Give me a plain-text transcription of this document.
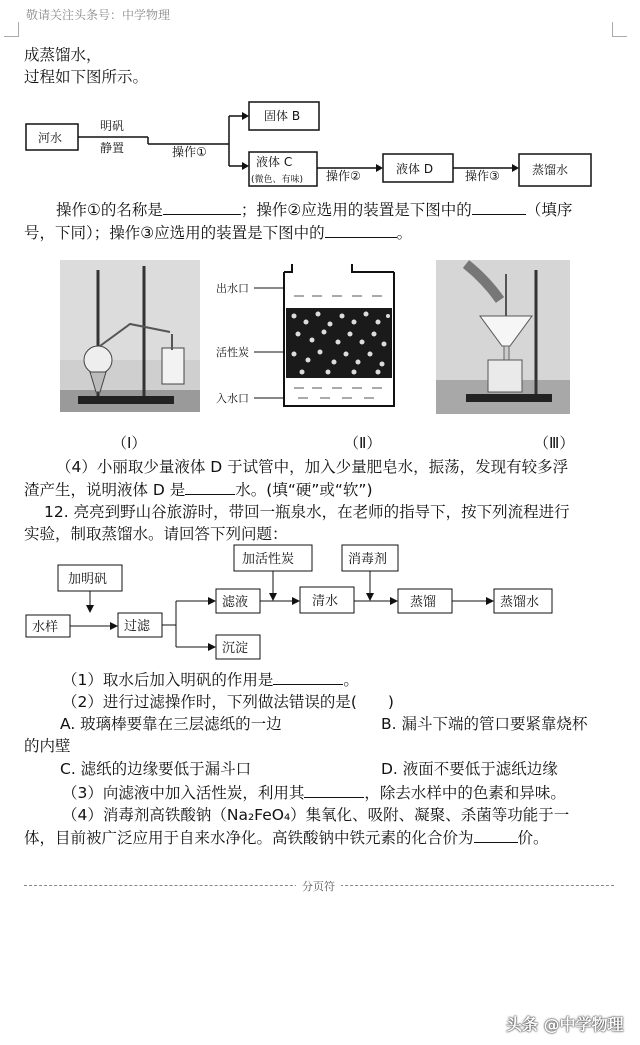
敬请关注头条号：中学物理
成蒸馏水，
过程如下图所示。
河水
明矾
静置	操作①
固体 B
液体 C
(微色、有味) 操作②	液体 D	操作③	蒸馏水
操作①的名称是	；操作②应选用的装置是下图中的	（填序
号，下同）；操作③应选用的装置是下图中的	。
出水口
活性炭
入水口
（Ⅰ）	（Ⅱ）	（Ⅲ）
（4）小丽取少量液体 D 于试管中，加入少量肥皂水，振荡，发现有较多浮
渣产生，说明液体 D 是	水。(填“硬”或“软”)
12. 亮亮到野山谷旅游时，带回一瓶泉水，在老师的指导下，按下列流程进行
实验，制取蒸馏水。请回答下列问题：
加明矾
水样	过滤
滤液
沉淀
加活性炭
清水
消毒剂
蒸馏	蒸馏水
（1）取水后加入明矾的作用是	。
（2）进行过滤操作时，下列做法错误的是(　　)
A. 玻璃棒要靠在三层滤纸的一边	B. 漏斗下端的管口要紧靠烧杯
的内壁
C. 滤纸的边缘要低于漏斗口	D. 液面不要低于滤纸边缘
（3）向滤液中加入活性炭，利用其	，除去水样中的色素和异味。
（4）消毒剂高铁酸钠（Na₂FeO₄）集氧化、吸附、凝聚、杀菌等功能于一
体，目前被广泛应用于自来水净化。高铁酸钠中铁元素的化合价为	价。
分页符
头条 @中学物理
